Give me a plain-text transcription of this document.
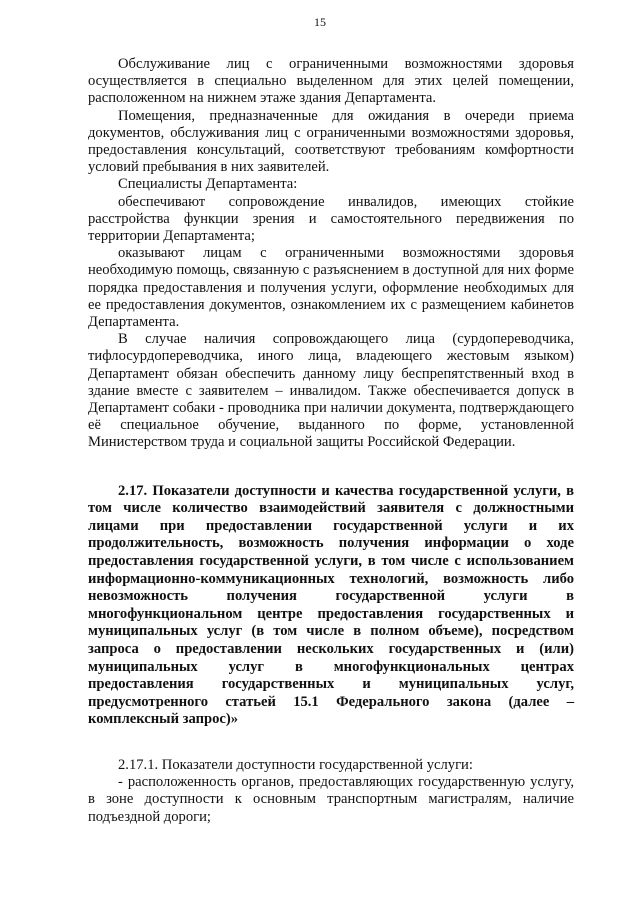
15

Обслуживание лиц с ограниченными возможностями здоровья осуществляется в специально выделенном для этих целей помещении, расположенном на нижнем этаже здания Департамента.

Помещения, предназначенные для ожидания в очереди приема документов, обслуживания лиц с ограниченными возможностями здоровья, предоставления консультаций, соответствуют требованиям комфортности условий пребывания в них заявителей.

Специалисты Департамента:

обеспечивают сопровождение инвалидов, имеющих стойкие расстройства функции зрения и самостоятельного передвижения по территории Департамента;

оказывают лицам с ограниченными возможностями здоровья необходимую помощь, связанную с разъяснением в доступной для них форме порядка предоставления и получения услуги, оформление необходимых для ее предоставления документов, ознакомлением их с размещением кабинетов Департамента.

В случае наличия сопровождающего лица (сурдопереводчика, тифлосурдопереводчика, иного лица, владеющего жестовым языком) Департамент обязан обеспечить данному лицу беспрепятственный вход в здание вместе с заявителем – инвалидом. Также обеспечивается допуск в Департамент собаки - проводника при наличии документа, подтверждающего её специальное обучение, выданного по форме, установленной Министерством труда и социальной защиты Российской Федерации.

2.17. Показатели доступности и качества государственной услуги, в том числе количество взаимодействий заявителя с должностными лицами при предоставлении государственной услуги и их продолжительность, возможность получения информации о ходе предоставления государственной услуги, в том числе с использованием информационно-коммуникационных технологий, возможность либо невозможность получения государственной услуги в многофункциональном центре предоставления государственных и муниципальных услуг (в том числе в полном объеме), посредством запроса о предоставлении нескольких государственных и (или) муниципальных услуг в многофункциональных центрах предоставления государственных и муниципальных услуг, предусмотренного статьей 15.1 Федерального закона (далее – комплексный запрос)»

2.17.1. Показатели доступности государственной услуги:

- расположенность органов, предоставляющих государственную услугу, в зоне доступности к основным транспортным магистралям, наличие подъездной дороги;
